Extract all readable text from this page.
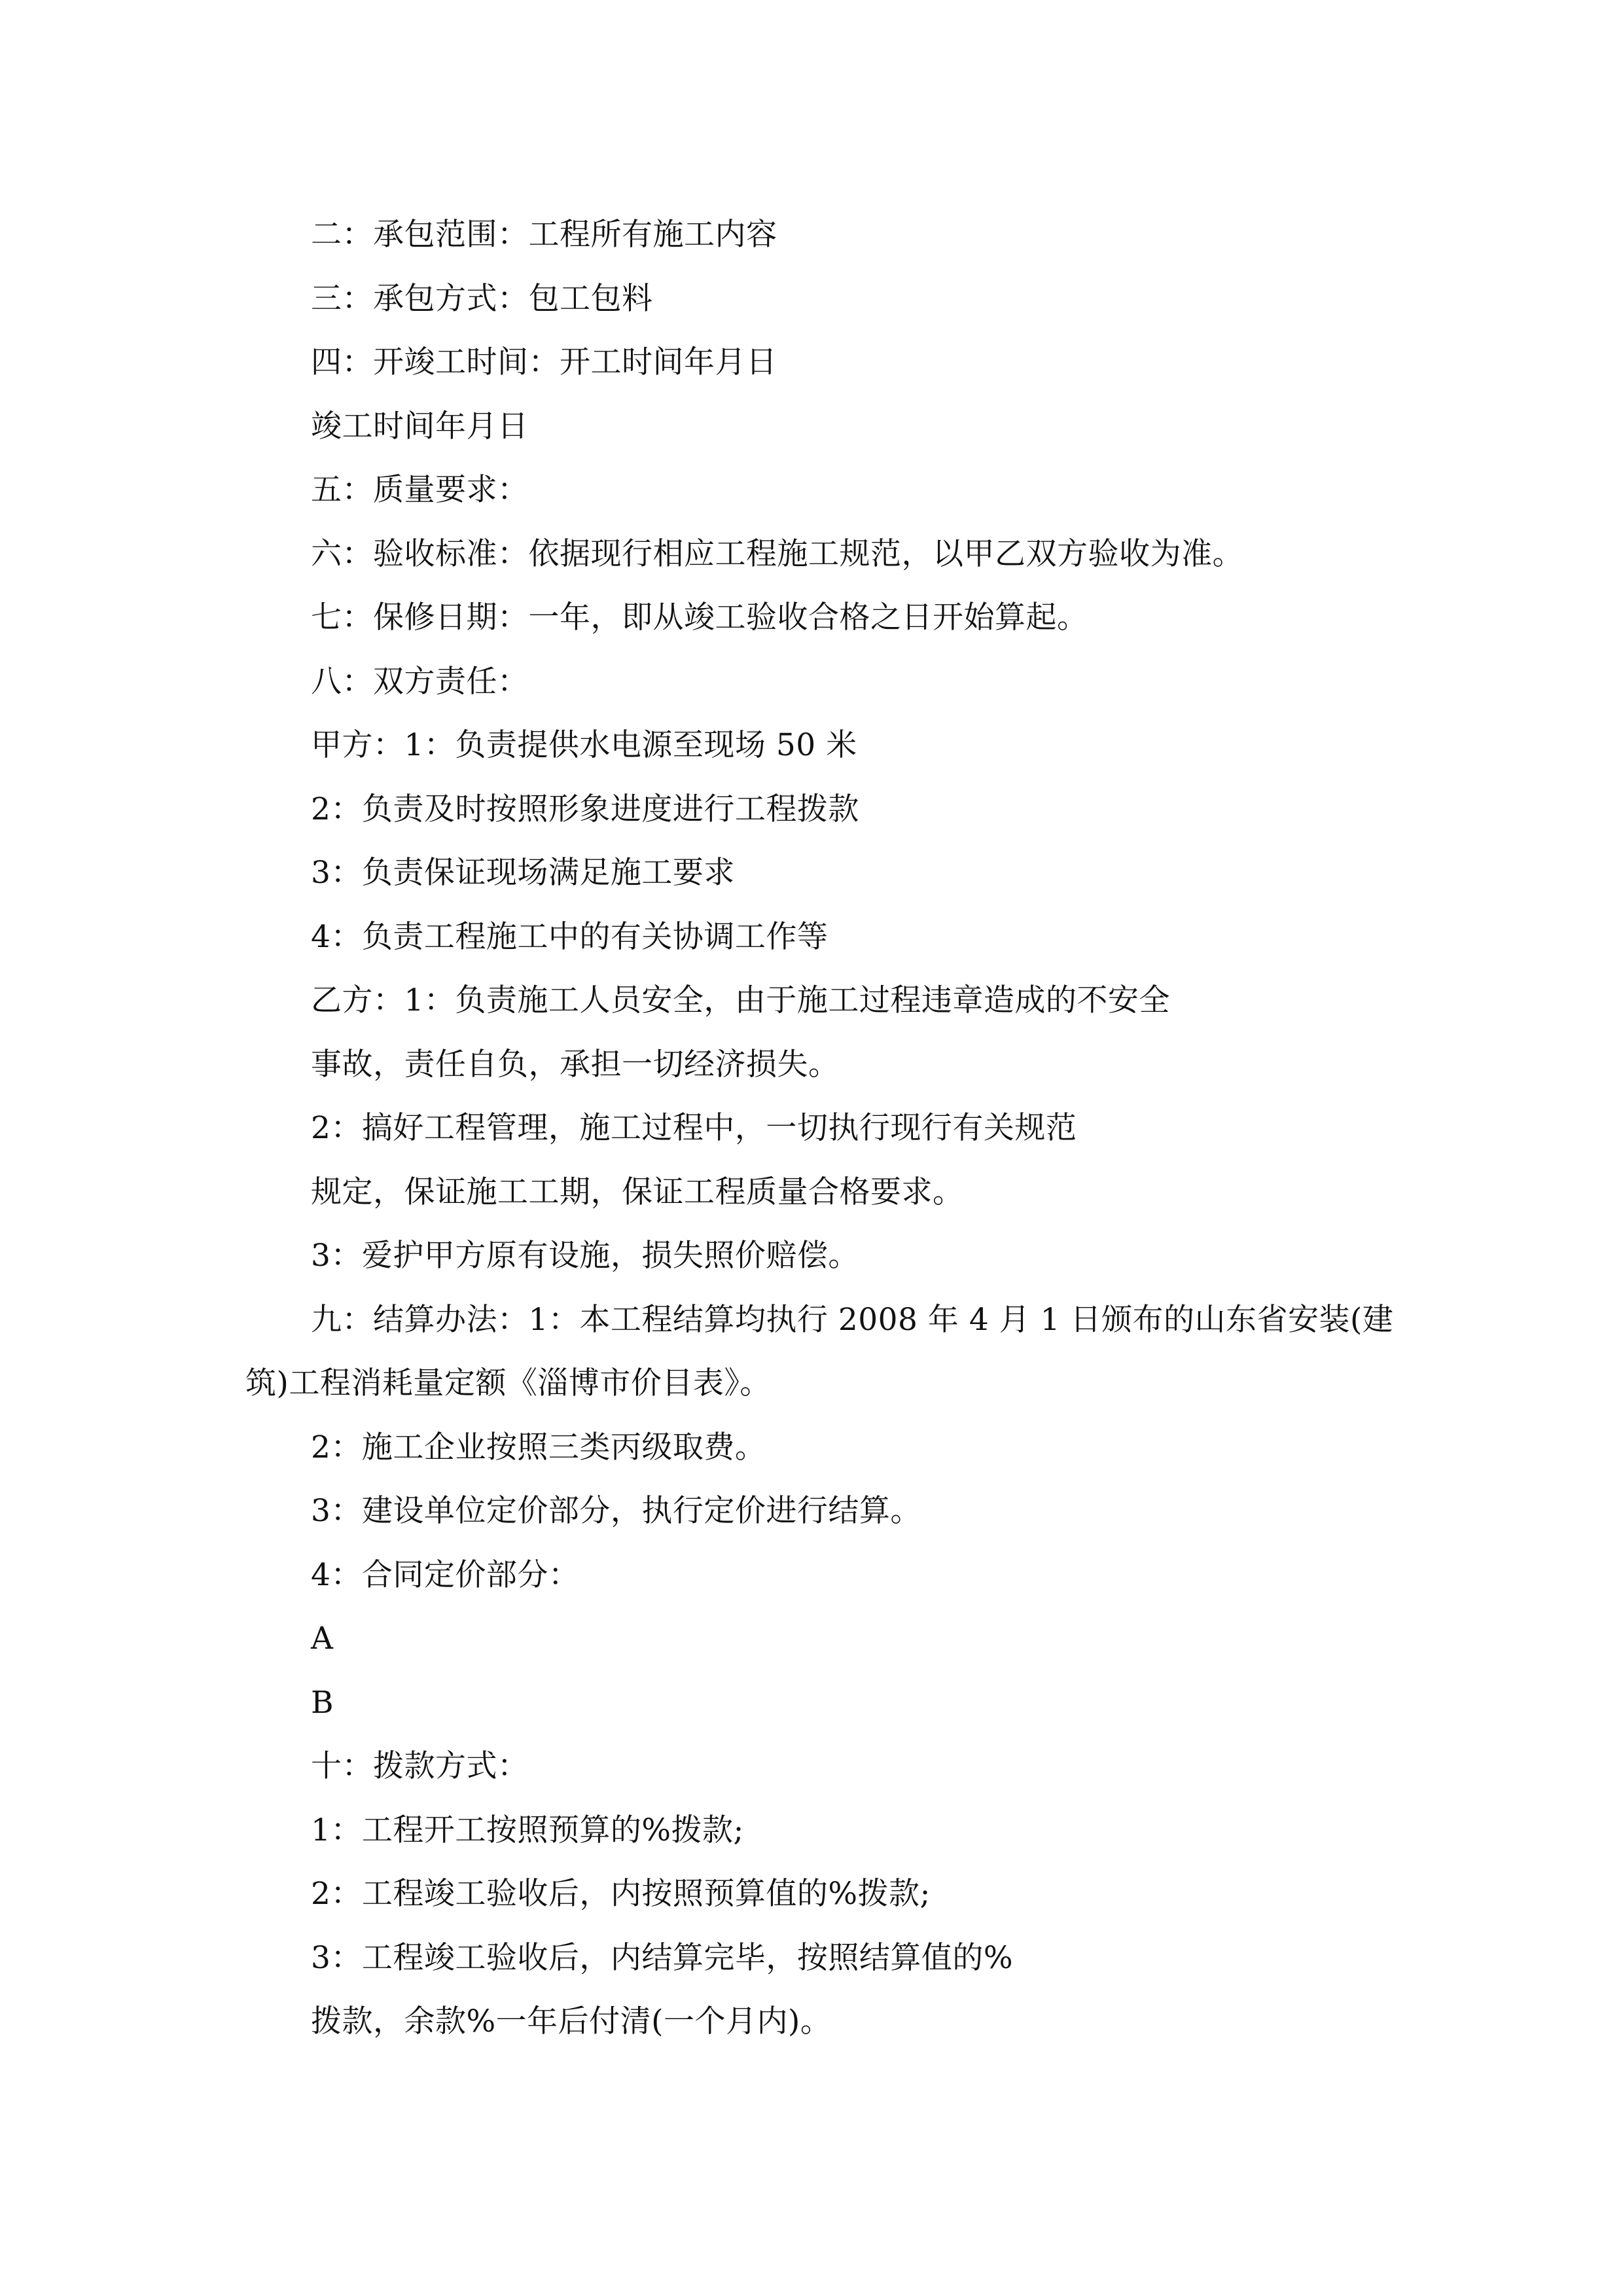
二：承包范围：工程所有施工内容
三：承包方式：包工包料
四：开竣工时间：开工时间年月日
竣工时间年月日
五：质量要求：
六：验收标准：依据现行相应工程施工规范，以甲乙双方验收为准。
七：保修日期：一年，即从竣工验收合格之日开始算起。
八：双方责任：
甲方：1：负责提供水电源至现场 50 米
2：负责及时按照形象进度进行工程拨款
3：负责保证现场满足施工要求
4：负责工程施工中的有关协调工作等
乙方：1：负责施工人员安全，由于施工过程违章造成的不安全
事故，责任自负，承担一切经济损失。
2：搞好工程管理，施工过程中，一切执行现行有关规范
规定，保证施工工期，保证工程质量合格要求。
3：爱护甲方原有设施，损失照价赔偿。
九：结算办法：1：本工程结算均执行 2008 年 4 月 1 日颁布的山东省安装(建
筑)工程消耗量定额《淄博市价目表》。
2：施工企业按照三类丙级取费。
3：建设单位定价部分，执行定价进行结算。
4：合同定价部分：
A
B
十：拨款方式：
1：工程开工按照预算的%拨款;
2：工程竣工验收后，内按照预算值的%拨款;
3：工程竣工验收后，内结算完毕，按照结算值的%
拨款，余款%一年后付清(一个月内)。
